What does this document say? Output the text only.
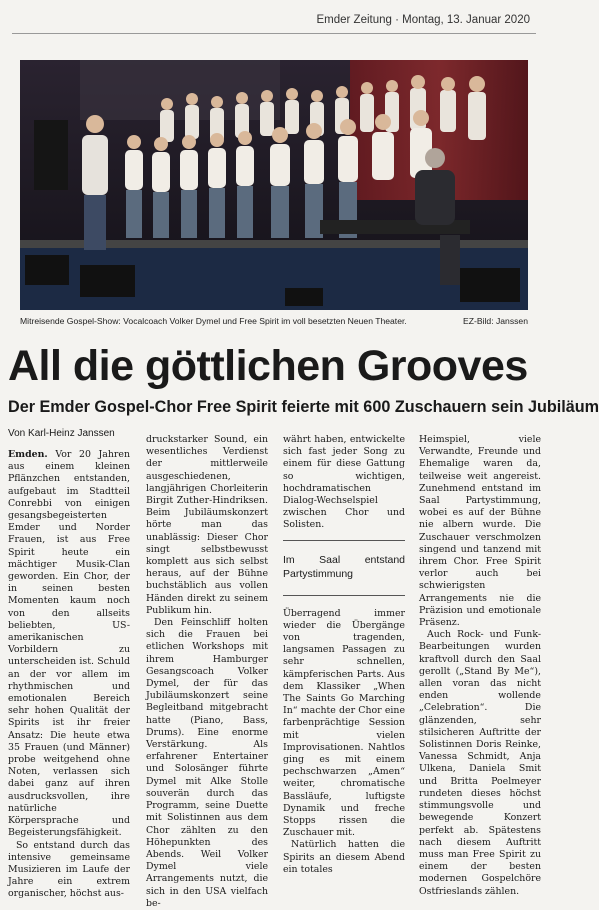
Emder Zeitung · Montag, 13. Januar 2020
Mitreisende Gospel-Show: Vocalcoach Volker Dymel und Free Spirit im voll besetzten Neuen Theater.	EZ-Bild: Janssen
All die göttlichen Grooves
Der Emder Gospel-Chor Free Spirit feierte mit 600 Zuschauern sein Jubiläum
Von Karl-Heinz Janssen

Emden. Vor 20 Jahren aus einem kleinen Pflänzchen entstanden, aufgebaut im Stadtteil Conrebbi von einigen gesangsbegeisterten Emder und Norder Frauen, ist aus Free Spirit heute ein mächtiger Musik-Clan geworden. Ein Chor, der in seinen besten Momenten kaum noch von den allseits beliebten, US-amerikanischen Vorbildern zu unterscheiden ist. Schuld an der vor allem im rhythmischen und emotionalen Bereich sehr hohen Qualität der Spirits ist ihr freier Ansatz: Die heute etwa 35 Frauen (und Männer) probe weitgehend ohne Noten, verlassen sich dabei ganz auf ihren ausdrucksvollen, ihre natürliche Körpersprache und Begeisterungsfähigkeit.

So entstand durch das intensive gemeinsame Musizieren im Laufe der Jahre ein extrem organischer, höchst aus-

druckstarker Sound, ein wesentliches Verdienst der mittlerweile ausgeschiedenen, langjährigen Chorleiterin Birgit Zuther-Hindriksen. Beim Jubiläumskonzert hörte man das unablässig: Dieser Chor singt selbstbewusst komplett aus sich selbst heraus, auf der Bühne buchstäblich aus vollen Händen direkt zu seinem Publikum hin.

Den Feinschliff holten sich die Frauen bei etlichen Workshops mit ihrem Hamburger Gesangscoach Volker Dymel, der für das Jubiläumskonzert seine Begleitband mitgebracht hatte (Piano, Bass, Drums). Eine enorme Verstärkung. Als erfahrener Entertainer und Solosänger führte Dymel mit Alke Stolle souverän durch das Programm, seine Duette mit Solistinnen aus dem Chor zählten zu den Höhepunkten des Abends. Weil Volker Dymel viele Arrangements nutzt, die sich in den USA vielfach be-

währt haben, entwickelte sich fast jeder Song zu einem für diese Gattung so wichtigen, hochdramatischen Dialog-Wechselspiel zwischen Chor und Solisten.

Im Saal entstand Partystimmung

Überragend immer wieder die Übergänge von tragenden, langsamen Passagen zu sehr schnellen, kämpferischen Parts. Aus dem Klassiker „When The Saints Go Marching In“ machte der Chor eine farbenprächtige Session mit vielen Improvisationen. Nahtlos ging es mit einem pechschwarzen „Amen“ weiter, chromatische Bassläufe, luftigste Dynamik und freche Stopps rissen die Zuschauer mit.

Natürlich hatten die Spirits an diesem Abend ein totales

Heimspiel, viele Verwandte, Freunde und Ehemalige waren da, teilweise weit angereist. Zunehmend entstand im Saal Partystimmung, wobei es auf der Bühne nie albern wurde. Die Zuschauer verschmolzen singend und tanzend mit ihrem Chor. Free Spirit verlor auch bei schwierigsten Arrangements nie die Präzision und emotionale Präsenz.

Auch Rock- und Funk-Bearbeitungen wurden kraftvoll durch den Saal gerollt („Stand By Me“), allen voran das nicht enden wollende „Celebration“. Die glänzenden, sehr stilsicheren Auftritte der Solistinnen Doris Reinke, Vanessa Schmidt, Anja Ulkena, Daniela Smit und Britta Poelmeyer rundeten dieses höchst stimmungsvolle und bewegende Konzert perfekt ab. Spätestens nach diesem Auftritt muss man Free Spirit zu einem der besten modernen Gospelchöre Ostfrieslands zählen.
